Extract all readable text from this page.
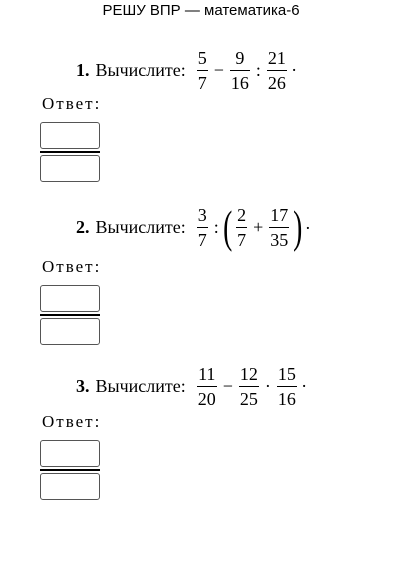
РЕШУ ВПР — математика-6
1. Вычислите: $\frac{5}{7} - \frac{9}{16}$ : $\frac{21}{26}$ .
Ответ:
2. Вычислите: $\frac{3}{7}$ : ( $\frac{2}{7} + \frac{17}{35}$ ) .
Ответ:
3. Вычислите: $\frac{11}{20} - \frac{12}{25} \cdot \frac{15}{16}$ .
Ответ:
